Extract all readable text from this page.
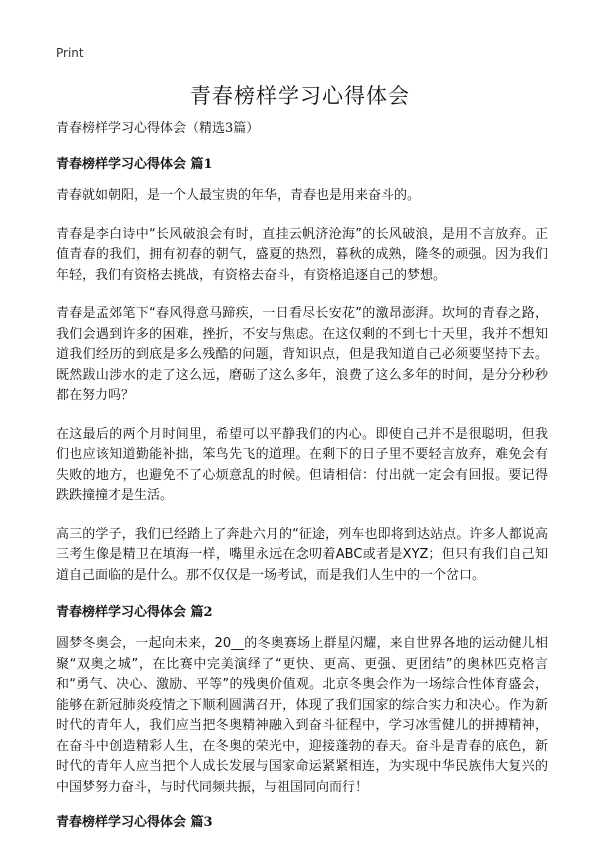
Print
青春榜样学习心得体会

青春榜样学习心得体会（精选3篇）

青春榜样学习心得体会 篇1

青春就如朝阳，是一个人最宝贵的年华，青春也是用来奋斗的。

青春是李白诗中“长风破浪会有时，直挂云帆济沧海”的长风破浪，是用不言放弃。正值青春的我们，拥有初春的朝气，盛夏的热烈，暮秋的成熟，隆冬的顽强。因为我们年轻，我们有资格去挑战，有资格去奋斗，有资格追逐自己的梦想。

青春是孟郊笔下“春风得意马蹄疾，一日看尽长安花”的激昂澎湃。坎坷的青春之路，我们会遇到许多的困难，挫折，不安与焦虑。在这仅剩的不到七十天里，我并不想知道我们经历的到底是多么残酷的问题，背知识点，但是我知道自己必须要坚持下去。既然跋山涉水的走了这么远，磨砺了这么多年，浪费了这么多年的时间，是分分秒秒都在努力吗？

在这最后的两个月时间里，希望可以平静我们的内心。即使自己并不是很聪明，但我们也应该知道勤能补拙，笨鸟先飞的道理。在剩下的日子里不要轻言放弃，难免会有失败的地方，也避免不了心烦意乱的时候。但请相信：付出就一定会有回报。要记得跌跌撞撞才是生活。

高三的学子，我们已经踏上了奔赴六月的“征途，列车也即将到达站点。许多人都说高三考生像是精卫在填海一样，嘴里永远在念叨着ABC或者是XYZ；但只有我们自己知道自己面临的是什么。那不仅仅是一场考试，而是我们人生中的一个岔口。

青春榜样学习心得体会 篇2

圆梦冬奥会，一起向未来，20__的冬奥赛场上群星闪耀，来自世界各地的运动健儿相聚“双奥之城”，在比赛中完美演绎了“更快、更高、更强、更团结”的奥林匹克格言和“勇气、决心、激励、平等”的残奥价值观。北京冬奥会作为一场综合性体育盛会，能够在新冠肺炎疫情之下顺利圆满召开，体现了我们国家的综合实力和决心。作为新时代的青年人，我们应当把冬奥精神融入到奋斗征程中，学习冰雪健儿的拼搏精神，在奋斗中创造精彩人生，在冬奥的荣光中，迎接蓬勃的春天。奋斗是青春的底色，新时代的青年人应当把个人成长发展与国家命运紧紧相连，为实现中华民族伟大复兴的中国梦努力奋斗，与时代同频共振，与祖国同向而行！

青春榜样学习心得体会 篇3
